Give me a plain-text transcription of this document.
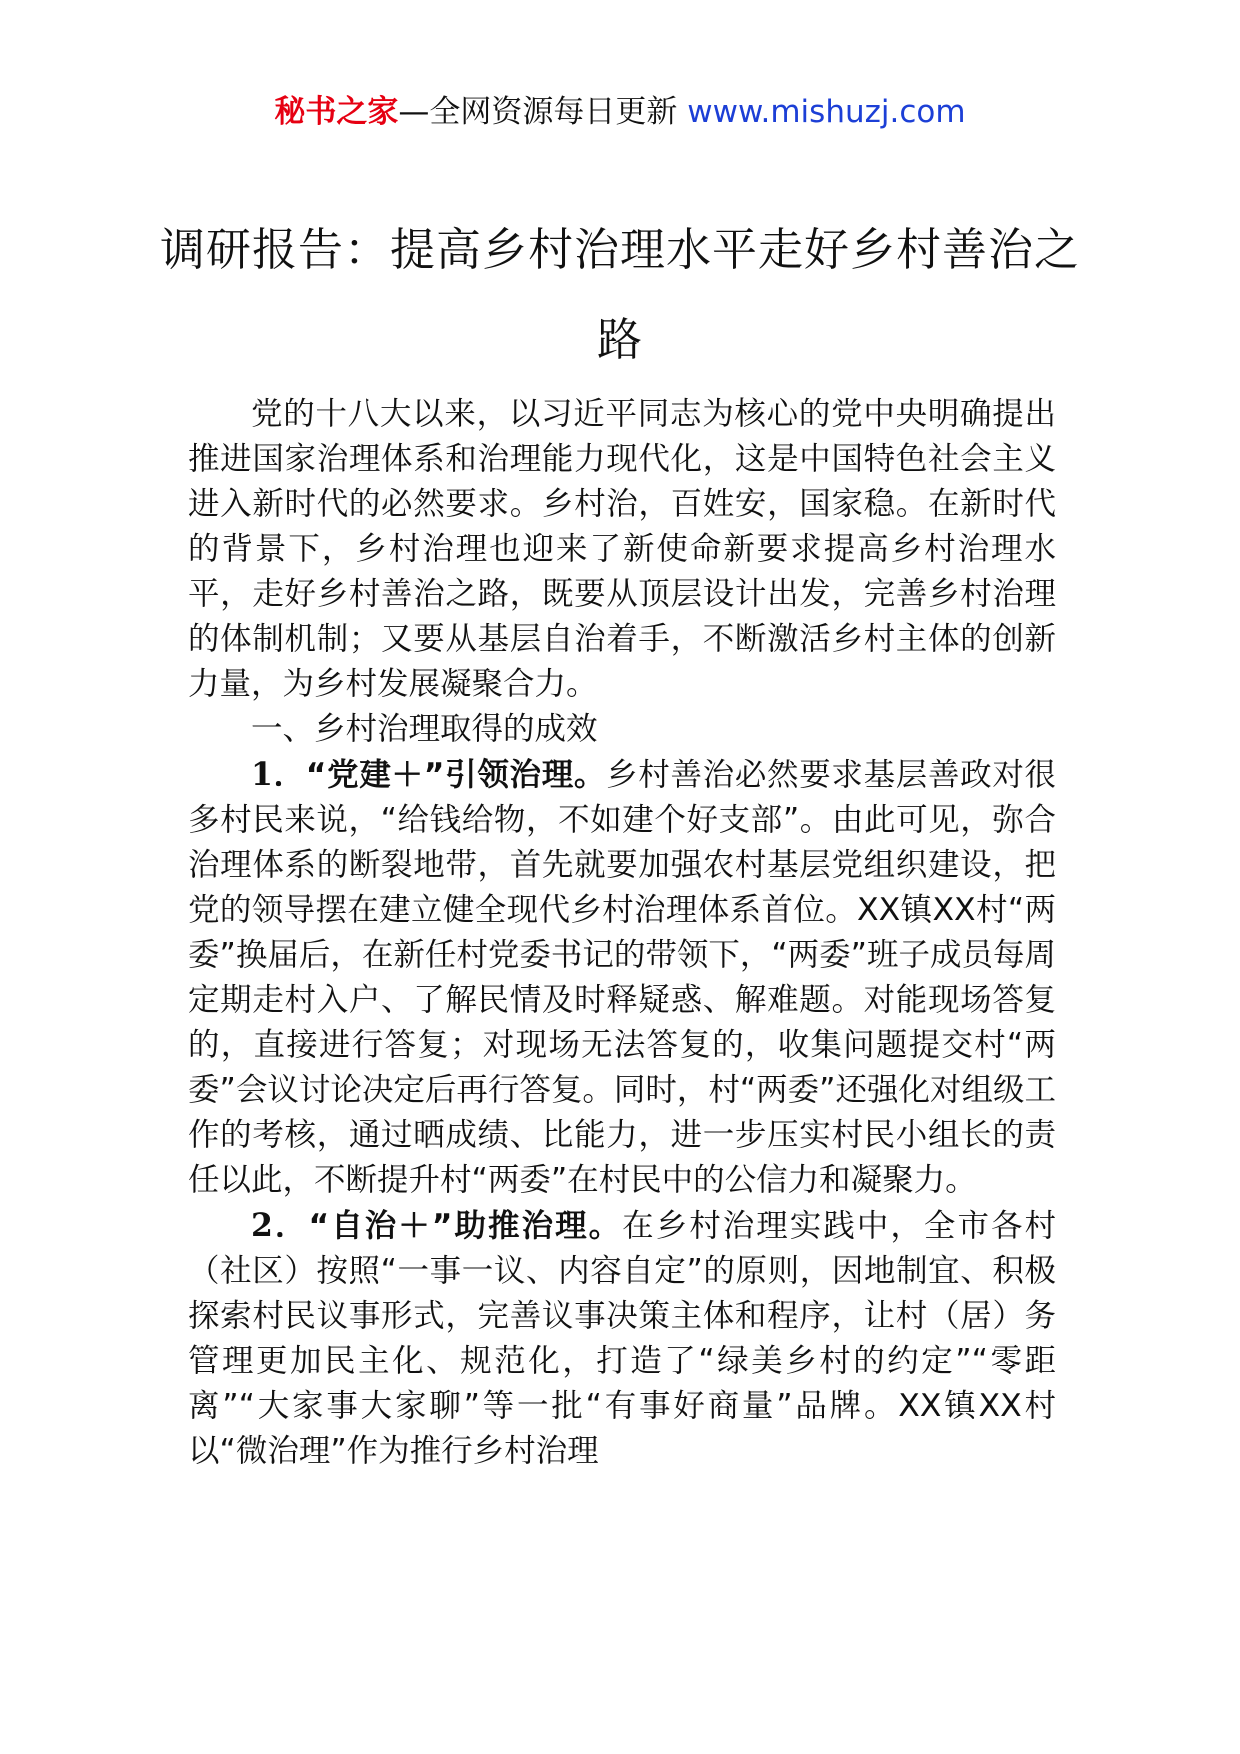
秘书之家—全网资源每日更新 www.mishuzj.com
调研报告：提高乡村治理水平走好乡村善治之路

党的十八大以来，以习近平同志为核心的党中央明确提出推进国家治理体系和治理能力现代化，这是中国特色社会主义进入新时代的必然要求。乡村治，百姓安，国家稳。在新时代的背景下，乡村治理也迎来了新使命新要求提高乡村治理水平，走好乡村善治之路，既要从顶层设计出发，完善乡村治理的体制机制；又要从基层自治着手，不断激活乡村主体的创新力量，为乡村发展凝聚合力。

一、乡村治理取得的成效

1．“党建＋”引领治理。乡村善治必然要求基层善政对很多村民来说，“给钱给物，不如建个好支部”。由此可见，弥合治理体系的断裂地带，首先就要加强农村基层党组织建设，把党的领导摆在建立健全现代乡村治理体系首位。XX镇XX村“两委”换届后，在新任村党委书记的带领下，“两委”班子成员每周定期走村入户、了解民情及时释疑惑、解难题。对能现场答复的，直接进行答复；对现场无法答复的，收集问题提交村“两委”会议讨论决定后再行答复。同时，村“两委”还强化对组级工作的考核，通过晒成绩、比能力，进一步压实村民小组长的责任以此，不断提升村“两委”在村民中的公信力和凝聚力。

2．“自治＋”助推治理。在乡村治理实践中，全市各村（社区）按照“一事一议、内容自定”的原则，因地制宜、积极探索村民议事形式，完善议事决策主体和程序，让村（居）务管理更加民主化、规范化，打造了“绿美乡村的约定”“零距离”“大家事大家聊”等一批“有事好商量”品牌。XX镇XX村以“微治理”作为推行乡村治理
